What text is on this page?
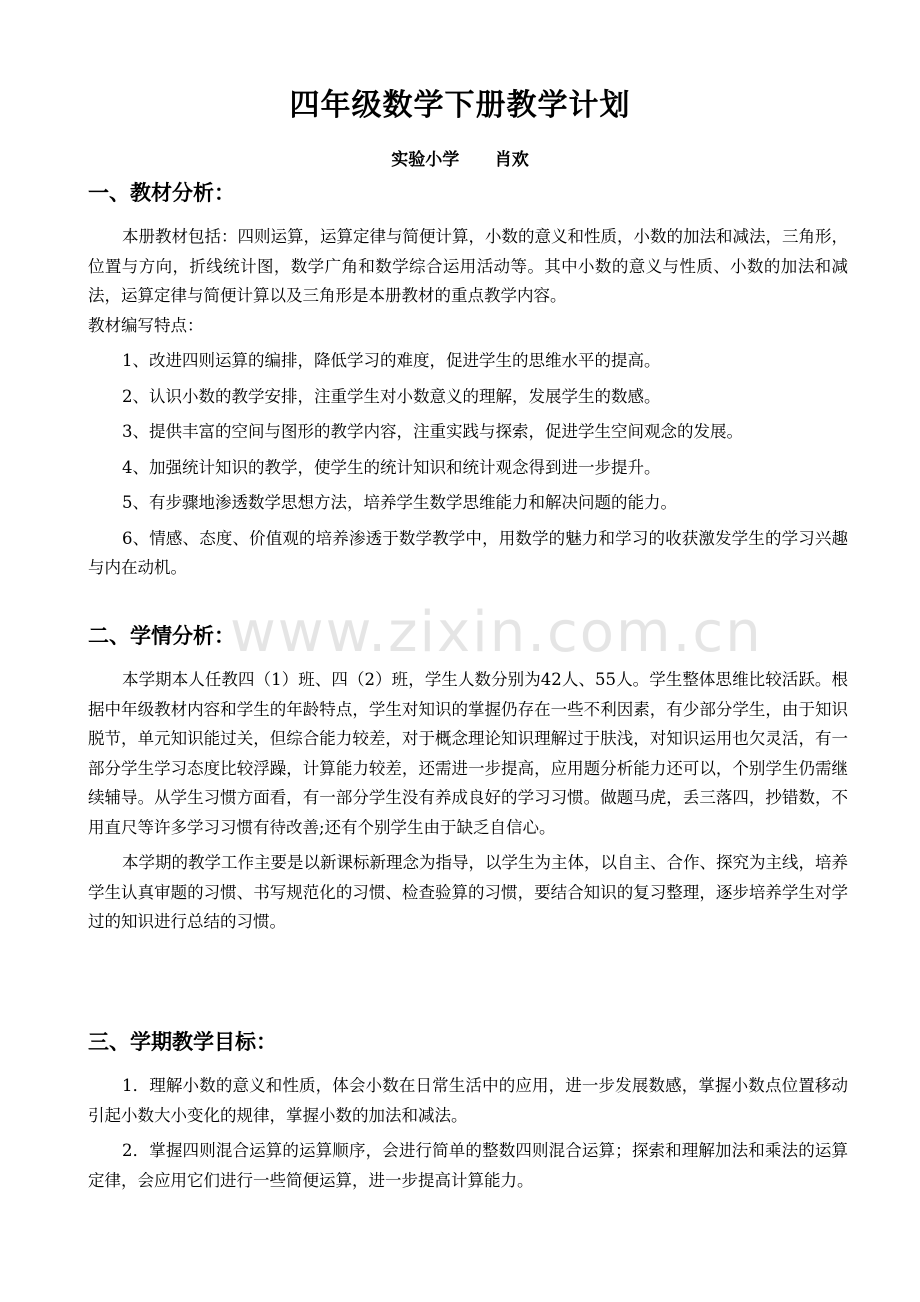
四年级数学下册教学计划
实验小学      肖欢
一、教材分析：

本册教材包括：四则运算，运算定律与简便计算，小数的意义和性质，小数的加法和减法，三角形，位置与方向，折线统计图，数学广角和数学综合运用活动等。其中小数的意义与性质、小数的加法和减法，运算定律与简便计算以及三角形是本册教材的重点教学内容。

教材编写特点：

1、改进四则运算的编排，降低学习的难度，促进学生的思维水平的提高。

2、认识小数的教学安排，注重学生对小数意义的理解，发展学生的数感。

3、提供丰富的空间与图形的教学内容，注重实践与探索，促进学生空间观念的发展。

4、加强统计知识的教学，使学生的统计知识和统计观念得到进一步提升。

5、有步骤地渗透数学思想方法，培养学生数学思维能力和解决问题的能力。

6、情感、态度、价值观的培养渗透于数学教学中，用数学的魅力和学习的收获激发学生的学习兴趣与内在动机。

二、学情分析：

本学期本人任教四（1）班、四（2）班，学生人数分别为42人、55人。学生整体思维比较活跃。根据中年级教材内容和学生的年龄特点，学生对知识的掌握仍存在一些不利因素，有少部分学生，由于知识脱节，单元知识能过关，但综合能力较差，对于概念理论知识理解过于肤浅，对知识运用也欠灵活，有一部分学生学习态度比较浮躁，计算能力较差，还需进一步提高，应用题分析能力还可以，个别学生仍需继续辅导。从学生习惯方面看，有一部分学生没有养成良好的学习习惯。做题马虎，丢三落四，抄错数，不用直尺等许多学习习惯有待改善;还有个别学生由于缺乏自信心。

本学期的教学工作主要是以新课标新理念为指导，以学生为主体，以自主、合作、探究为主线，培养学生认真审题的习惯、书写规范化的习惯、检查验算的习惯，要结合知识的复习整理，逐步培养学生对学过的知识进行总结的习惯。

三、学期教学目标：

1．理解小数的意义和性质，体会小数在日常生活中的应用，进一步发展数感，掌握小数点位置移动引起小数大小变化的规律，掌握小数的加法和减法。

2．掌握四则混合运算的运算顺序，会进行简单的整数四则混合运算；探索和理解加法和乘法的运算定律，会应用它们进行一些简便运算，进一步提高计算能力。

www.zixin.com.cn
